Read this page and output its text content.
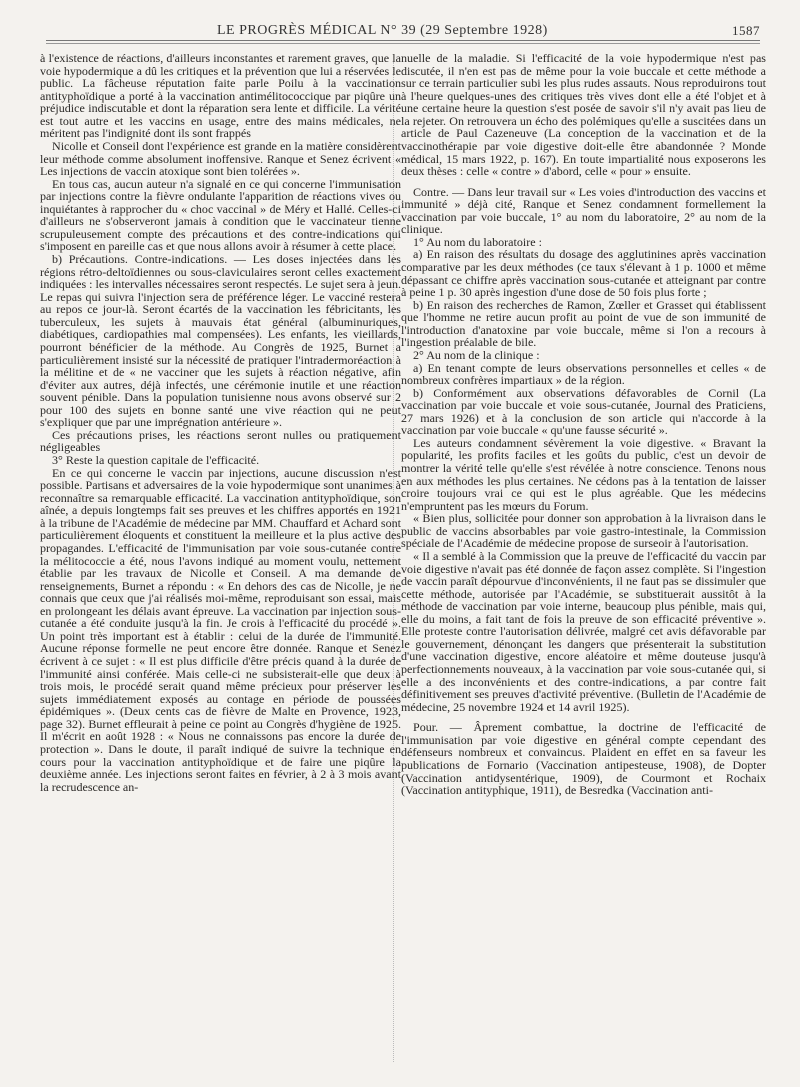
LE PROGRÈS MÉDICAL N° 39 (29 Septembre 1928)	1587

à l'existence de réactions, d'ailleurs inconstantes et rarement graves, que la voie hypodermique a dû les critiques et la prévention que lui a réservées le public. La fâcheuse réputation faite parle Poilu à la vaccination antityphoïdique a porté à la vaccination antimélitococcique par piqûre un préjudice indiscutable et dont la réparation sera lente et difficile. La vérité est tout autre et les vaccins en usage, entre des mains médicales, ne méritent pas l'indignité dont ils sont frappés

Nicolle et Conseil dont l'expérience est grande en la matière considèrent leur méthode comme absolument inoffensive. Ranque et Senez écrivent « Les injections de vaccin atoxique sont bien tolérées ».

En tous cas, aucun auteur n'a signalé en ce qui concerne l'immunisation par injections contre la fièvre ondulante l'apparition de réactions vives ou inquiétantes à rapprocher du « choc vaccinal » de Méry et Hallé. Celles-ci d'ailleurs ne s'observeront jamais à condition que le vaccinateur tienne scrupuleusement compte des précautions et des contre-indications qui s'imposent en pareille cas et que nous allons avoir à résumer à cette place.

b) Précautions. Contre-indications. — Les doses injectées dans les régions rétro-deltoïdiennes ou sous-claviculaires seront celles exactement indiquées : les intervalles nécessaires seront respectés. Le sujet sera à jeun. Le repas qui suivra l'injection sera de préférence léger. Le vacciné restera au repos ce jour-là. Seront écartés de la vaccination les fébricitants, les tuberculeux, les sujets à mauvais état général (albuminuriques, diabétiques, cardiopathies mal compensées). Les enfants, les vieillards, pourront bénéficier de la méthode. Au Congrès de 1925, Burnet a particulièrement insisté sur la nécessité de pratiquer l'intradermoréaction à la mélitine et de « ne vacciner que les sujets à réaction négative, afin d'éviter aux autres, déjà infectés, une cérémonie inutile et une réaction souvent pénible. Dans la population tunisienne nous avons observé sur 2 pour 100 des sujets en bonne santé une vive réaction qui ne peut s'expliquer que par une imprégnation antérieure ».

Ces précautions prises, les réactions seront nulles ou pratiquement négligeables

3° Reste la question capitale de l'efficacité.

En ce qui concerne le vaccin par injections, aucune discussion n'est possible. Partisans et adversaires de la voie hypodermique sont unanimes à reconnaître sa remarquable efficacité. La vaccination antityphoïdique, son aînée, a depuis longtemps fait ses preuves et les chiffres apportés en 1921 à la tribune de l'Académie de médecine par MM. Chauffard et Achard sont particulièrement éloquents et constituent la meilleure et la plus active des propagandes. L'efficacité de l'immunisation par voie sous-cutanée contre la mélitococcie a été, nous l'avons indiqué au moment voulu, nettement établie par les travaux de Nicolle et Conseil. A ma demande de renseignements, Burnet a répondu : « En dehors des cas de Nicolle, je ne connais que ceux que j'ai réalisés moi-même, reproduisant son essai, mais en prolongeant les délais avant épreuve. La vaccination par injection sous-cutanée a été conduite jusqu'à la fin. Je crois à l'efficacité du procédé ». Un point très important est à établir : celui de la durée de l'immunité. Aucune réponse formelle ne peut encore être donnée. Ranque et Senez écrivent à ce sujet : « Il est plus difficile d'être précis quand à la durée de l'immunité ainsi conférée. Mais celle-ci ne subsisterait-elle que deux à trois mois, le procédé serait quand même précieux pour préserver les sujets immédiatement exposés au contage en période de poussées épidémiques ». (Deux cents cas de fièvre de Malte en Provence, 1923, page 32). Burnet effleurait à peine ce point au Congrès d'hygiène de 1925. Il m'écrit en août 1928 : « Nous ne connaissons pas encore la durée de protection ». Dans le doute, il paraît indiqué de suivre la technique en cours pour la vaccination antityphoïdique et de faire une piqûre la deuxième année. Les injections seront faites en février, à 2 à 3 mois avant la recrudescence an-

nuelle de la maladie. Si l'efficacité de la voie hypodermique n'est pas discutée, il n'en est pas de même pour la voie buccale et cette méthode a sur ce terrain particulier subi les plus rudes assauts. Nous reproduirons tout à l'heure quelques-unes des critiques très vives dont elle a été l'objet et à une certaine heure la question s'est posée de savoir s'il n'y avait pas lieu de la rejeter. On retrouvera un écho des polémiques qu'elle a suscitées dans un article de Paul Cazeneuve (La conception de la vaccination et de la vaccinothérapie par voie digestive doit-elle être abandonnée ? Monde médical, 15 mars 1922, p. 167). En toute impartialité nous exposerons les deux thèses : celle « contre » d'abord, celle « pour » ensuite.

Contre. — Dans leur travail sur « Les voies d'introduction des vaccins et immunité » déjà cité, Ranque et Senez condamnent formellement la vaccination par voie buccale, 1° au nom du laboratoire, 2° au nom de la clinique.

1° Au nom du laboratoire :

a) En raison des résultats du dosage des agglutinines après vaccination comparative par les deux méthodes (ce taux s'élevant à 1 p. 1000 et même dépassant ce chiffre après vaccination sous-cutanée et atteignant par contre à peine 1 p. 30 après ingestion d'une dose de 50 fois plus forte ;

b) En raison des recherches de Ramon, Zœller et Grasset qui établissent que l'homme ne retire aucun profit au point de vue de son immunité de l'introduction d'anatoxine par voie buccale, même si l'on a recours à l'ingestion préalable de bile.

2° Au nom de la clinique :

a) En tenant compte de leurs observations personnelles et celles « de nombreux confrères impartiaux » de la région.

b) Conformément aux observations défavorables de Cornil (La vaccination par voie buccale et voie sous-cutanée, Journal des Praticiens, 27 mars 1926) et à la conclusion de son article qui n'accorde à la vaccination par voie buccale « qu'une fausse sécurité ».

Les auteurs condamnent sévèrement la voie digestive. « Bravant la popularité, les profits faciles et les goûts du public, c'est un devoir de montrer la vérité telle qu'elle s'est révélée à notre conscience. Tenons nous en aux méthodes les plus certaines. Ne cédons pas à la tentation de laisser croire toujours vrai ce qui est le plus agréable. Que les médecins n'empruntent pas les mœurs du Forum.

« Bien plus, sollicitée pour donner son approbation à la livraison dans le public de vaccins absorbables par voie gastro-intestinale, la Commission spéciale de l'Académie de médecine propose de surseoir à l'autorisation.

« Il a semblé à la Commission que la preuve de l'efficacité du vaccin par voie digestive n'avait pas été donnée de façon assez complète. Si l'ingestion de vaccin paraît dépourvue d'inconvénients, il ne faut pas se dissimuler que cette méthode, autorisée par l'Académie, se substituerait aussitôt à la méthode de vaccination par voie interne, beaucoup plus pénible, mais qui, elle du moins, a fait tant de fois la preuve de son efficacité préventive ». Elle proteste contre l'autorisation délivrée, malgré cet avis défavorable par le gouvernement, dénonçant les dangers que présenterait la substitution d'une vaccination digestive, encore aléatoire et même douteuse jusqu'à perfectionnements nouveaux, à la vaccination par voie sous-cutanée qui, si elle a des inconvénients et des contre-indications, a par contre fait définitivement ses preuves d'activité préventive. (Bulletin de l'Académie de médecine, 25 novembre 1924 et 14 avril 1925).

Pour. — Âprement combattue, la doctrine de l'efficacité de l'immunisation par voie digestive en général compte cependant des défenseurs nombreux et convaincus. Plaident en effet en sa faveur les publications de Fornario (Vaccination antipesteuse, 1908), de Dopter (Vaccination antidysentérique, 1909), de Courmont et Rochaix (Vaccination antityphique, 1911), de Besredka (Vaccination anti-
